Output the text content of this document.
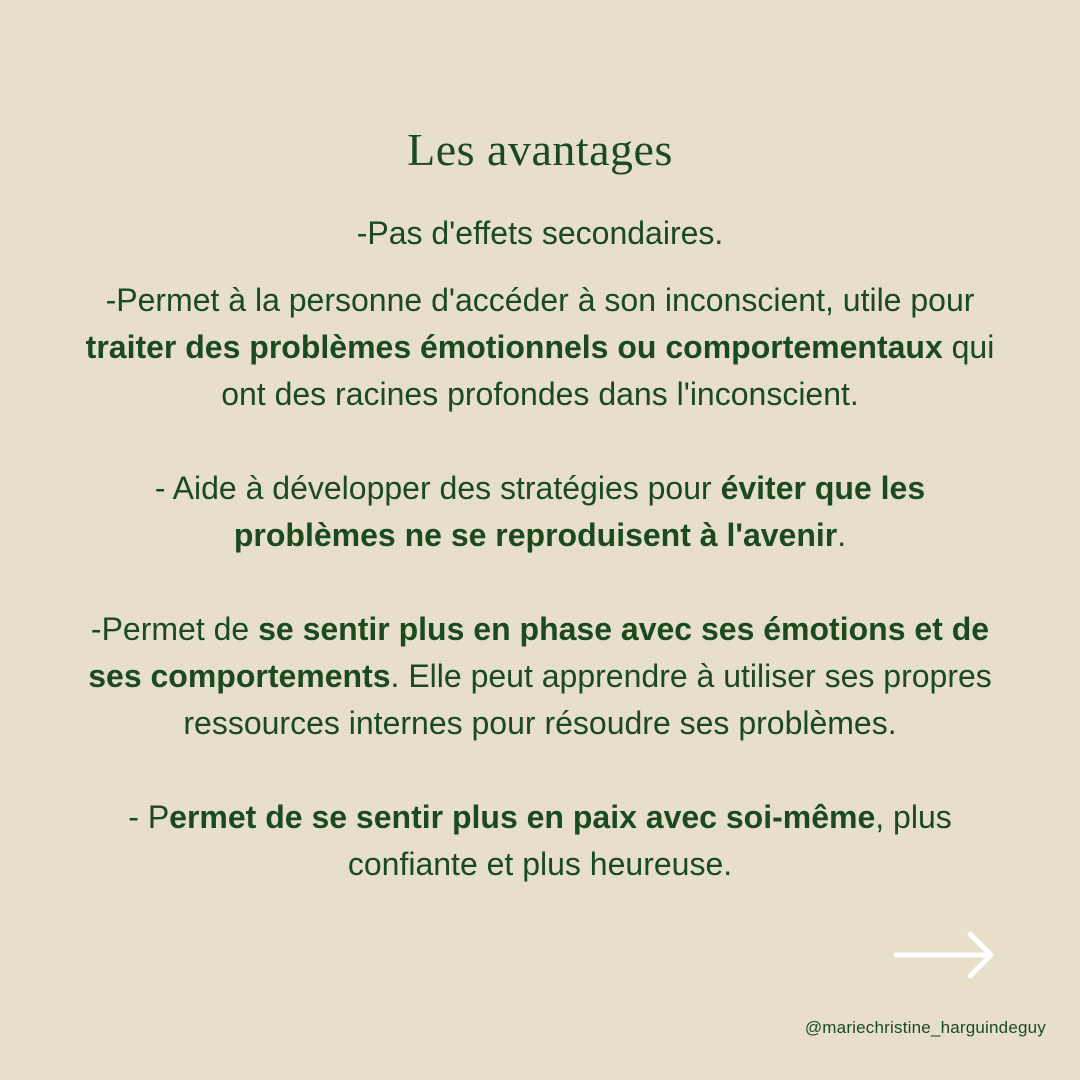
Les avantages

-Pas d'effets secondaires.

-Permet à la personne d'accéder à son inconscient, utile pour traiter des problèmes émotionnels ou comportementaux qui ont des racines profondes dans l'inconscient.

- Aide à développer des stratégies pour éviter que les problèmes ne se reproduisent à l'avenir.

-Permet de se sentir plus en phase avec ses émotions et de ses comportements. Elle peut apprendre à utiliser ses propres ressources internes pour résoudre ses problèmes.

- Permet de se sentir plus en paix avec soi-même, plus confiante et plus heureuse.

@mariechristine_harguindeguy
